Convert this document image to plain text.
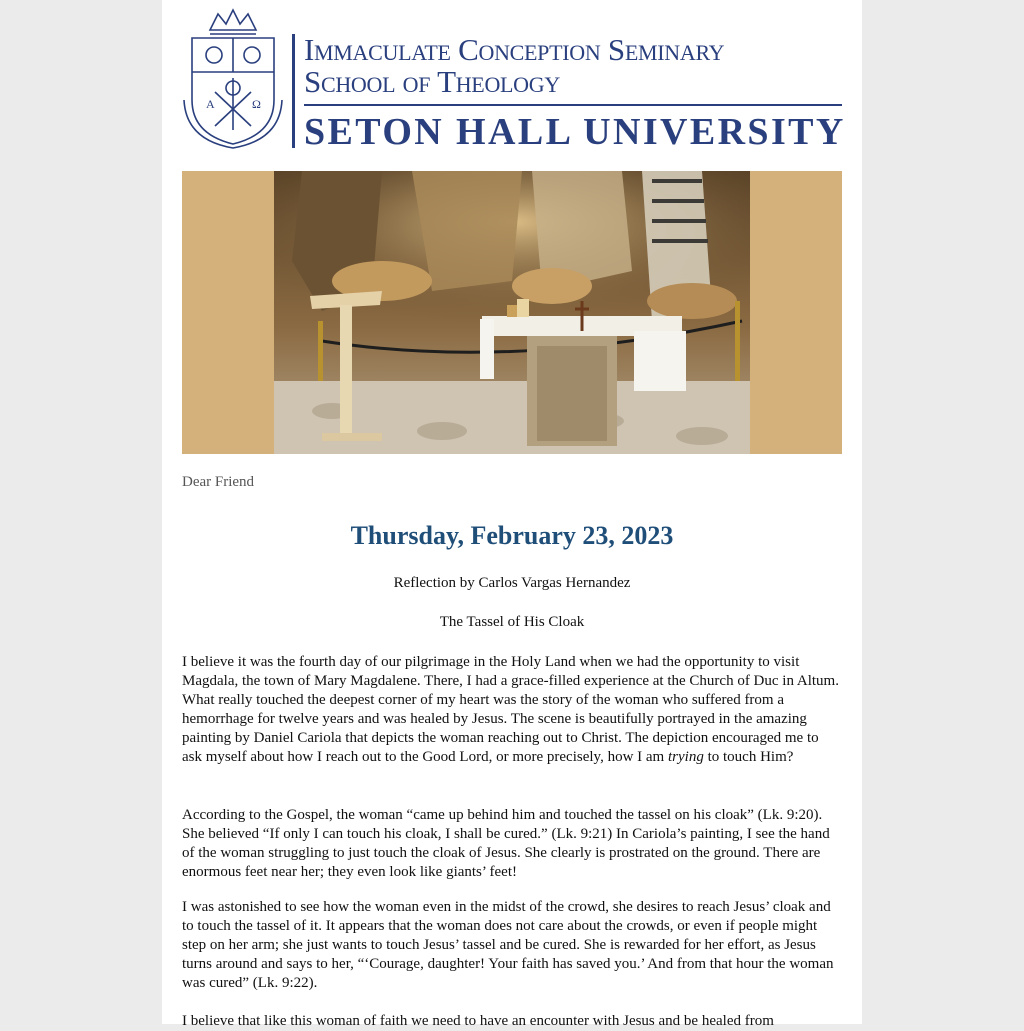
A	Ω
Immaculate Conception Seminary
School of Theology
SETON HALL UNIVERSITY
Dear Friend
Thursday, February 23, 2023
Reflection by Carlos Vargas Hernandez
The Tassel of His Cloak

I believe it was the fourth day of our pilgrimage in the Holy Land when we had the opportunity to visit Magdala, the town of Mary Magdalene. There, I had a grace-filled experience at the Church of Duc in Altum. What really touched the deepest corner of my heart was the story of the woman who suffered from a hemorrhage for twelve years and was healed by Jesus. The scene is beautifully portrayed in the amazing painting by Daniel Cariola that depicts the woman reaching out to Christ. The depiction encouraged me to ask myself about how I reach out to the Good Lord, or more precisely, how I am trying to touch Him?

According to the Gospel, the woman “came up behind him and touched the tassel on his cloak” (Lk. 9:20). She believed “If only I can touch his cloak, I shall be cured.” (Lk. 9:21) In Cariola’s painting, I see the hand of the woman struggling to just touch the cloak of Jesus. She clearly is prostrated on the ground. There are enormous feet near her; they even look like giants’ feet!

I was astonished to see how the woman even in the midst of the crowd, she desires to reach Jesus’ cloak and to touch the tassel of it. It appears that the woman does not care about the crowds, or even if people might step on her arm; she just wants to touch Jesus’ tassel and be cured. She is rewarded for her effort, as Jesus turns around and says to her, “‘Courage, daughter! Your faith has saved you.’ And from that hour the woman was cured” (Lk. 9:22).

I believe that like this woman of faith we need to have an encounter with Jesus and be healed from
